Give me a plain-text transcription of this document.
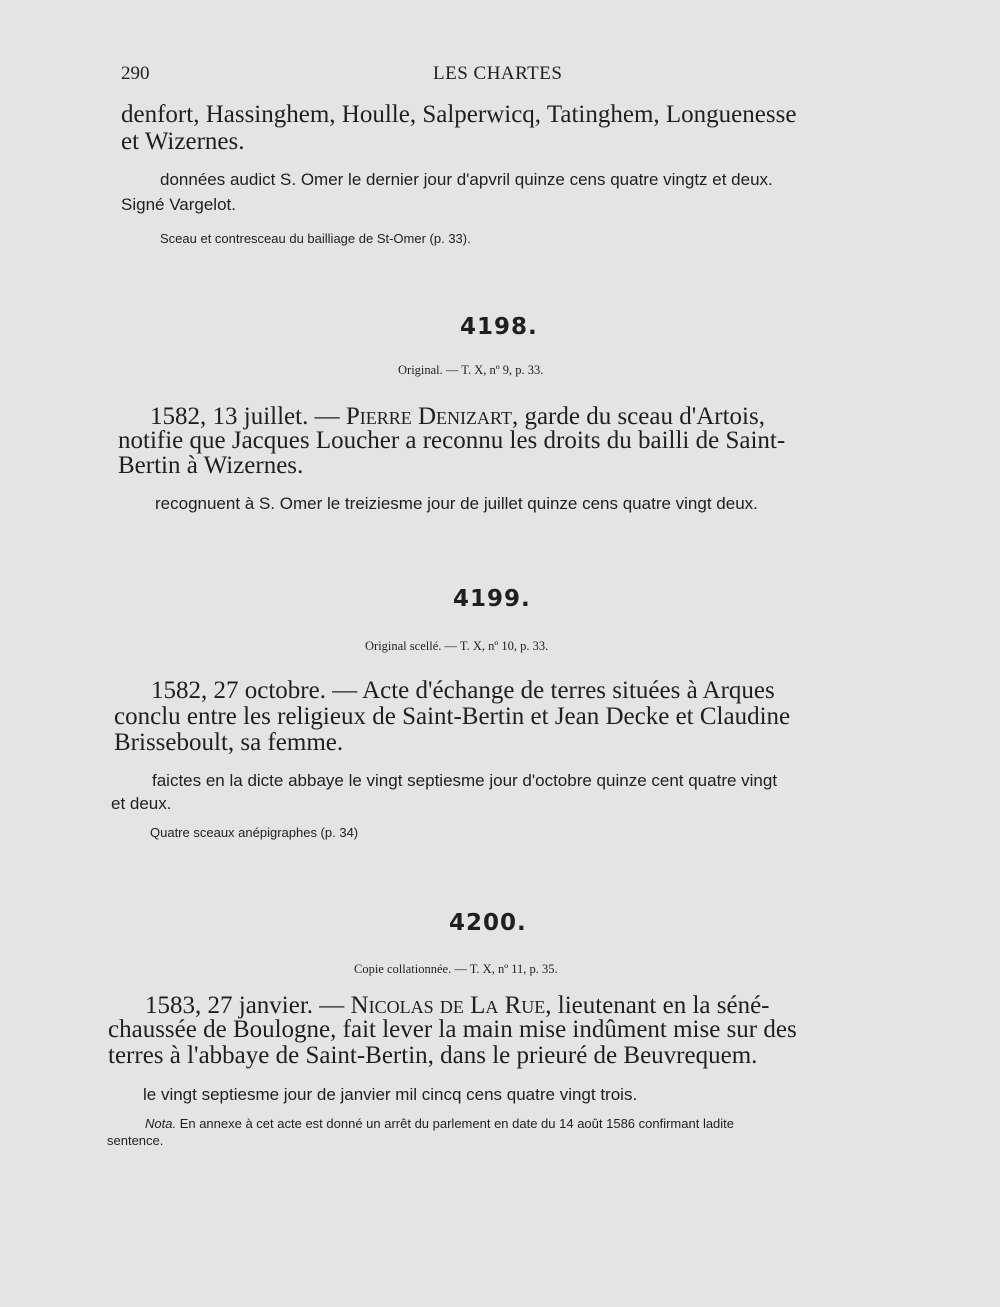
290	LES CHARTES
denfort, Hassinghem, Houlle, Salperwicq, Tatinghem, Longuenesse
et Wizernes.
données audict S. Omer le dernier jour d'apvril quinze cens quatre vingtz et deux.
Signé Vargelot.
Sceau et contresceau du bailliage de St-Omer (p. 33).
4198.
Original. — T. X, nº 9, p. 33.
1582, 13 juillet. — Pierre Denizart, garde du sceau d'Artois,
notifie que Jacques Loucher a reconnu les droits du bailli de Saint-
Bertin à Wizernes.
recognuent à S. Omer le treiziesme jour de juillet quinze cens quatre vingt deux.
4199.
Original scellé. — T. X, nº 10, p. 33.
1582, 27 octobre. — Acte d'échange de terres situées à Arques
conclu entre les religieux de Saint-Bertin et Jean Decke et Claudine
Brisseboult, sa femme.
faictes en la dicte abbaye le vingt septiesme jour d'octobre quinze cent quatre vingt
et deux.
Quatre sceaux anépigraphes (p. 34)
4200.
Copie collationnée. — T. X, nº 11, p. 35.
1583, 27 janvier. — Nicolas de La Rue, lieutenant en la séné-
chaussée de Boulogne, fait lever la main mise indûment mise sur des
terres à l'abbaye de Saint-Bertin, dans le prieuré de Beuvrequem.
le vingt septiesme jour de janvier mil cincq cens quatre vingt trois.
Nota. En annexe à cet acte est donné un arrêt du parlement en date du 14 août 1586 confirmant ladite
sentence.
